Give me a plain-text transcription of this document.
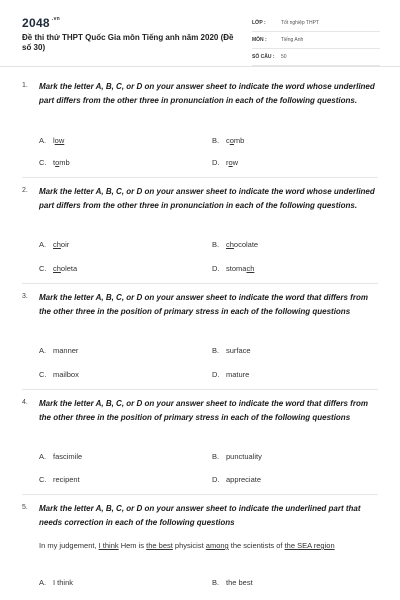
2048 $^{.vn}$
Đề thi thử THPT Quốc Gia môn Tiếng anh năm 2020 (Đề số 30)
LỚP :	Tốt nghiệp THPT
MÔN :	Tiếng Anh
SỐ CÂU :	50
1. Mark the letter A, B, C, or D on your answer sheet to indicate the word whose underlined part differs from the other three in pronunciation in each of the following questions.
A. low	B. comb
C. tomb	D. row
2. Mark the letter A, B, C, or D on your answer sheet to indicate the word whose underlined part differs from the other three in pronunciation in each of the following questions.
A. choir	B. chocolate
C. choleta	D. stomach
3. Mark the letter A, B, C, or D on your answer sheet to indicate the word that differs from the other three in the position of primary stress in each of the following questions
A. manner	B. surface
C. mailbox	D. mature
4. Mark the letter A, B, C, or D on your answer sheet to indicate the word that differs from the other three in the position of primary stress in each of the following questions
A. fascimile	B. punctuality
C. recipent	D. appreciate
5. Mark the letter A, B, C, or D on your answer sheet to indicate the underlined part that needs correction in each of the following questions
In my judgement, I think Hem is the best physicist among the scientists of the SEA region
A. I think	B. the best
